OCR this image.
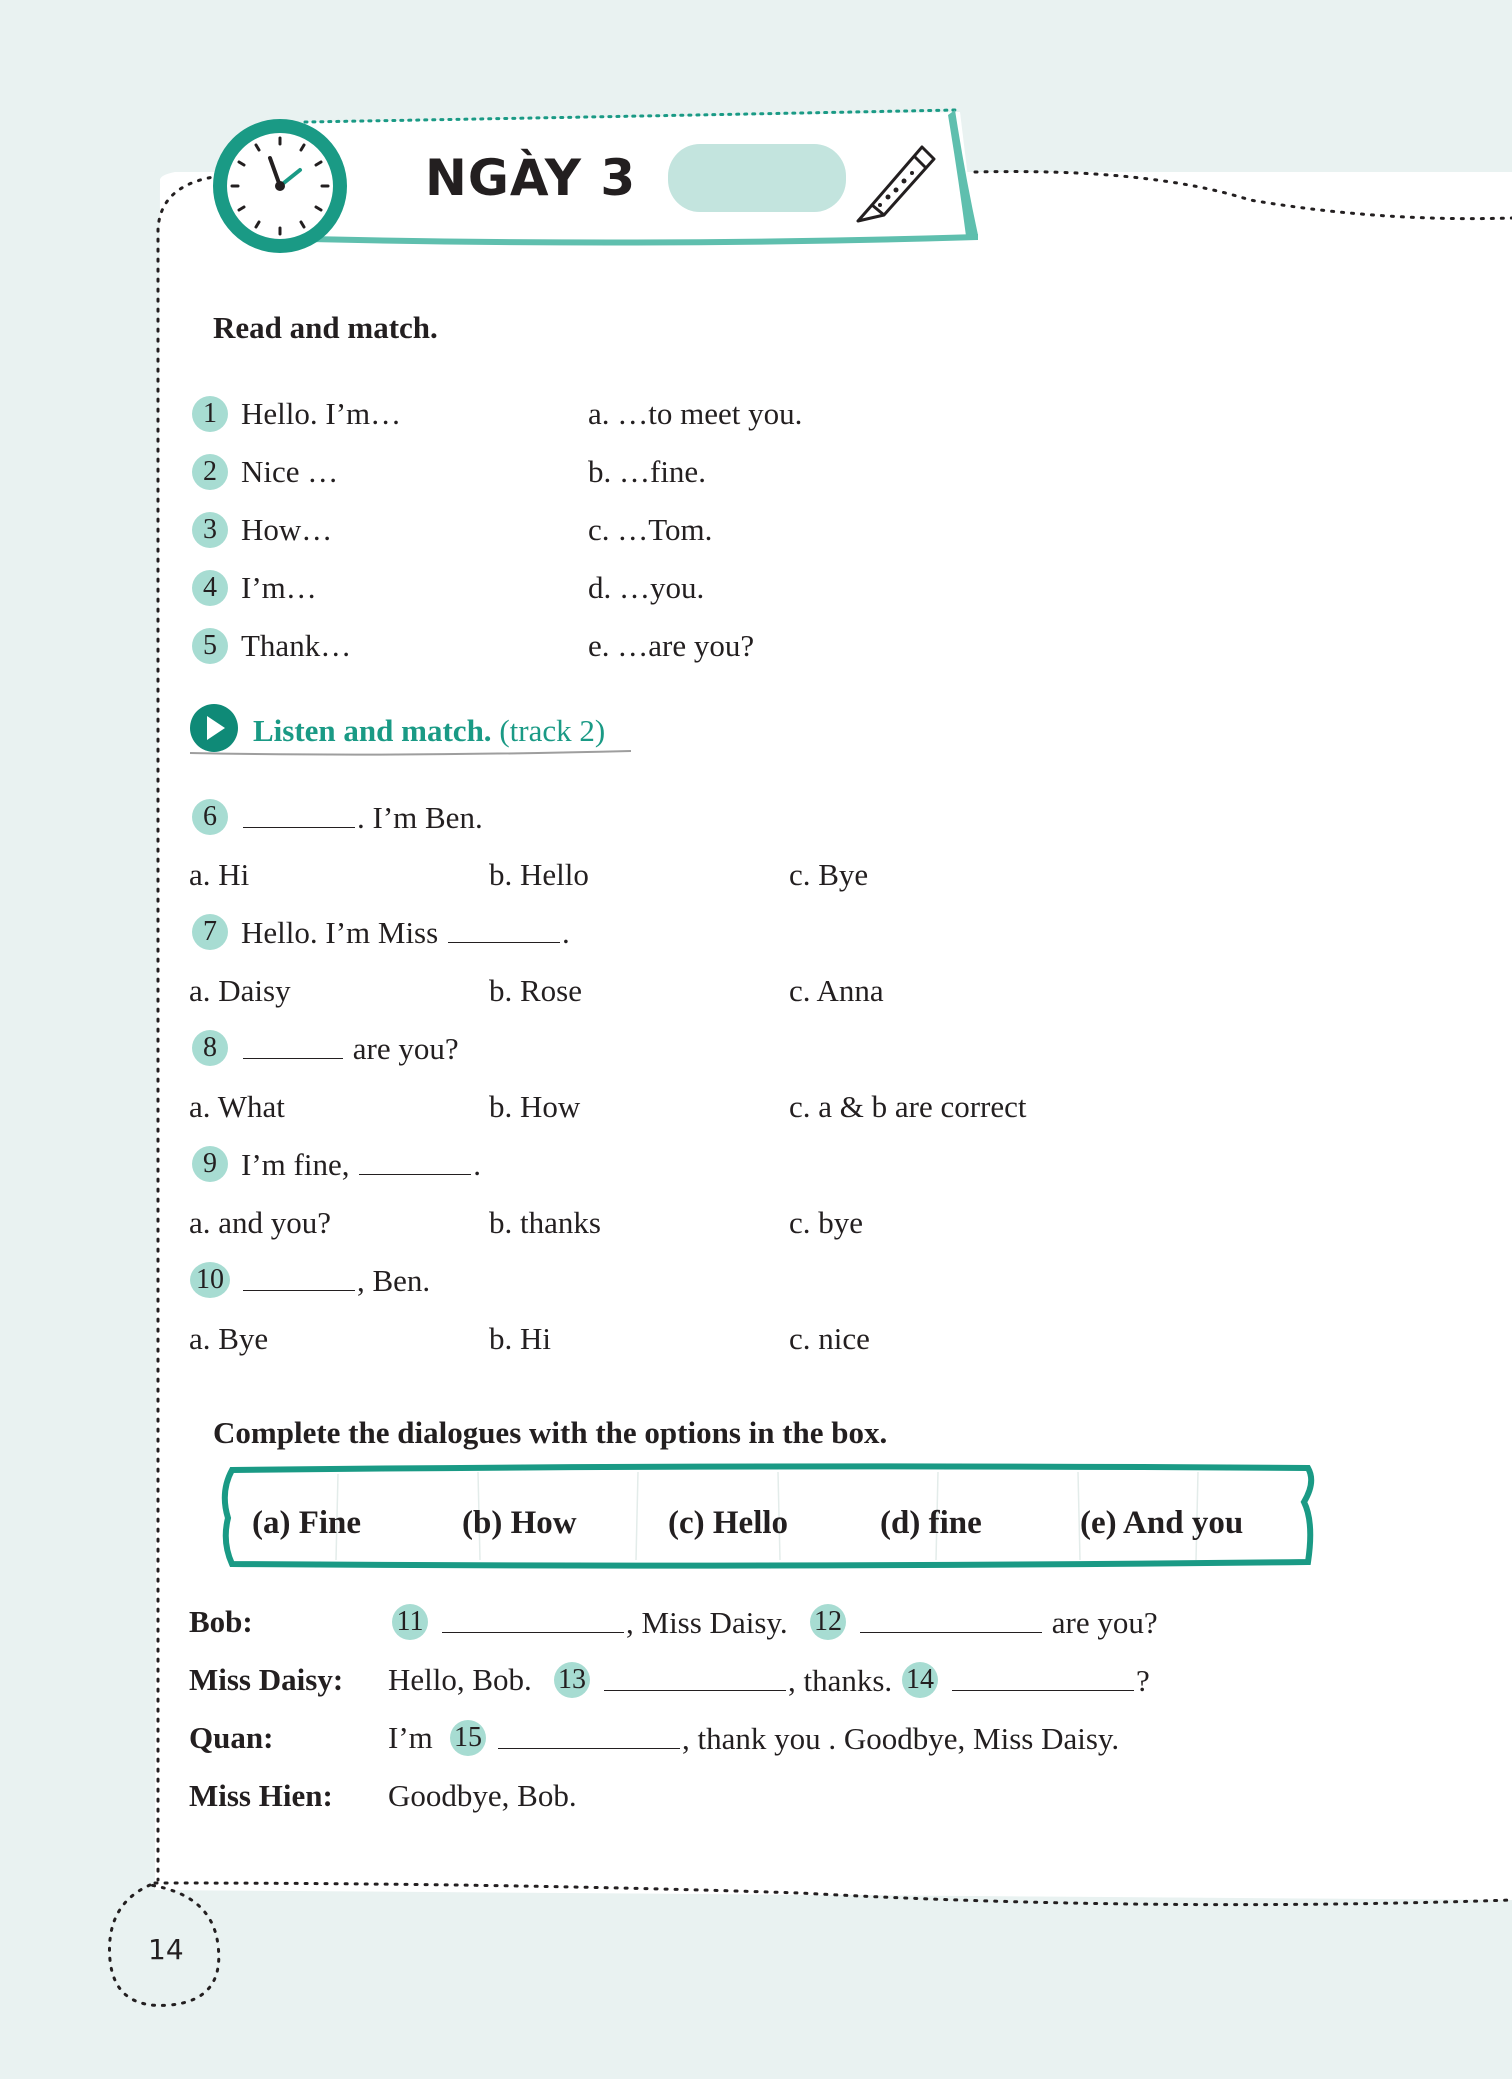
NGÀY 3
Read and match.
1 Hello. I’m…	a. …to meet you.
2 Nice …	b. …fine.
3 How…	c. …Tom.
4 I’m…	d. …you.
5 Thank…	e. …are you?
Listen and match. (track 2)
6	. I’m Ben.
a. Hi	b. Hello	c. Bye
7 Hello. I’m Miss	.
a. Daisy	b. Rose	c. Anna
8	are you?
a. What	b. How	c. a & b are correct
9 I’m fine,	.
a. and you?	b. thanks	c. bye
10	, Ben.
a. Bye	b. Hi	c. nice
Complete the dialogues with the options in the box.
(a) Fine	(b) How	(c) Hello	(d) fine	(e) And you
Bob:	11	, Miss Daisy. 12	are you?
Miss Daisy: Hello, Bob. 13	, thanks. 14	?
Quan:	I’m 15	, thank you . Goodbye, Miss Daisy.
Miss Hien: Goodbye, Bob.
14
